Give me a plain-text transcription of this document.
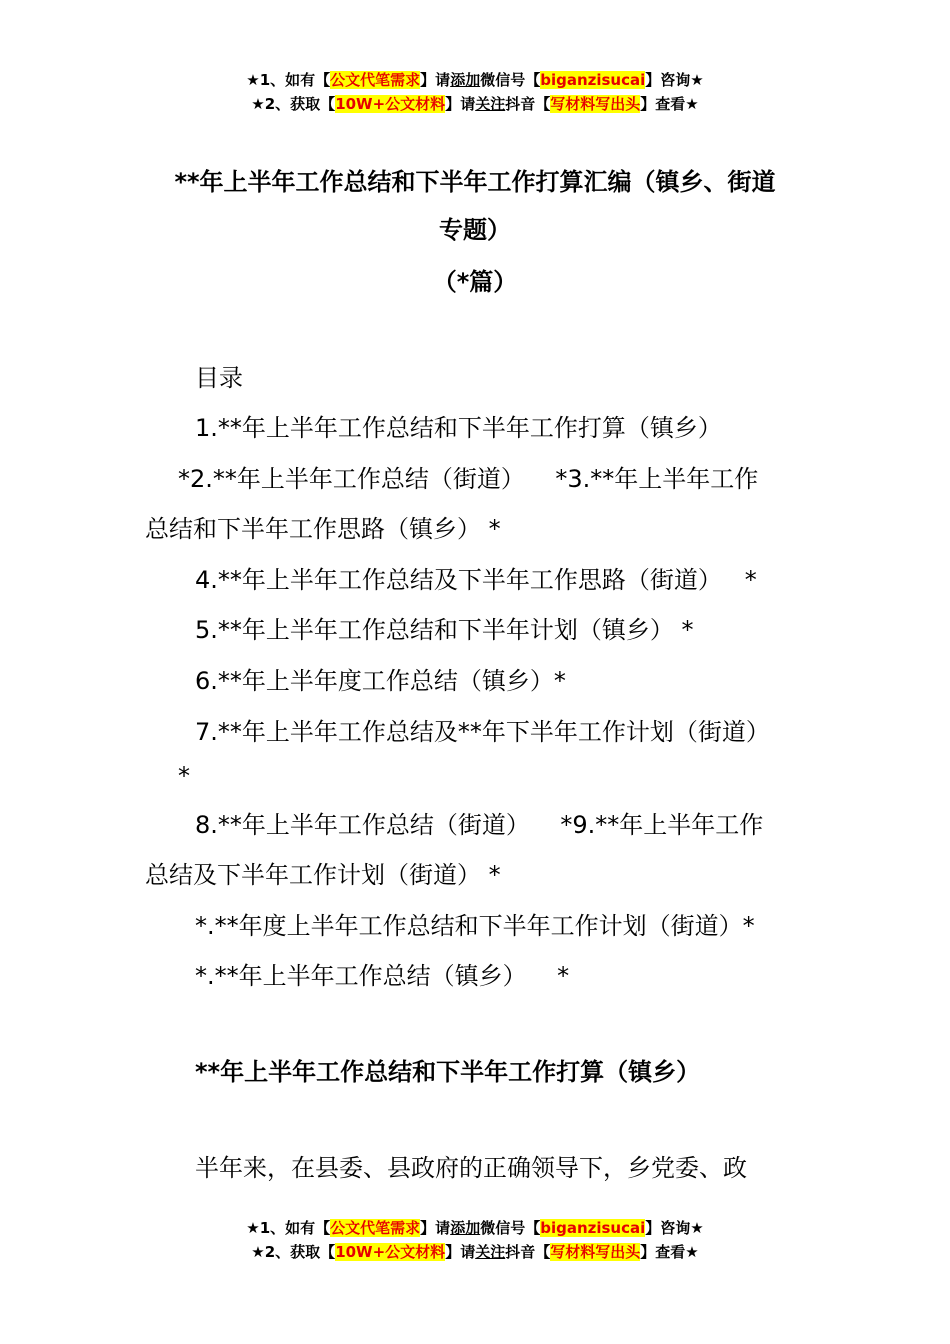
★1、如有【公文代笔需求】请添加微信号【biganzisucai】咨询★
★2、获取【10W+公文材料】请关注抖音【写材料写出头】查看★
**年上半年工作总结和下半年工作打算汇编（镇乡、街道
专题）
（*篇）
目录
1.**年上半年工作总结和下半年工作打算（镇乡）
*2.**年上半年工作总结（街道）    *3.**年上半年工作
总结和下半年工作思路（镇乡） *
4.**年上半年工作总结及下半年工作思路（街道）   *
5.**年上半年工作总结和下半年计划（镇乡） *
6.**年上半年度工作总结（镇乡）*
7.**年上半年工作总结及**年下半年工作计划（街道）
*
8.**年上半年工作总结（街道）    *9.**年上半年工作
总结及下半年工作计划（街道） *
*.**年度上半年工作总结和下半年工作计划（街道）*
*.**年上半年工作总结（镇乡）    *
**年上半年工作总结和下半年工作打算（镇乡）
半年来，在县委、县政府的正确领导下，乡党委、政
★1、如有【公文代笔需求】请添加微信号【biganzisucai】咨询★
★2、获取【10W+公文材料】请关注抖音【写材料写出头】查看★
